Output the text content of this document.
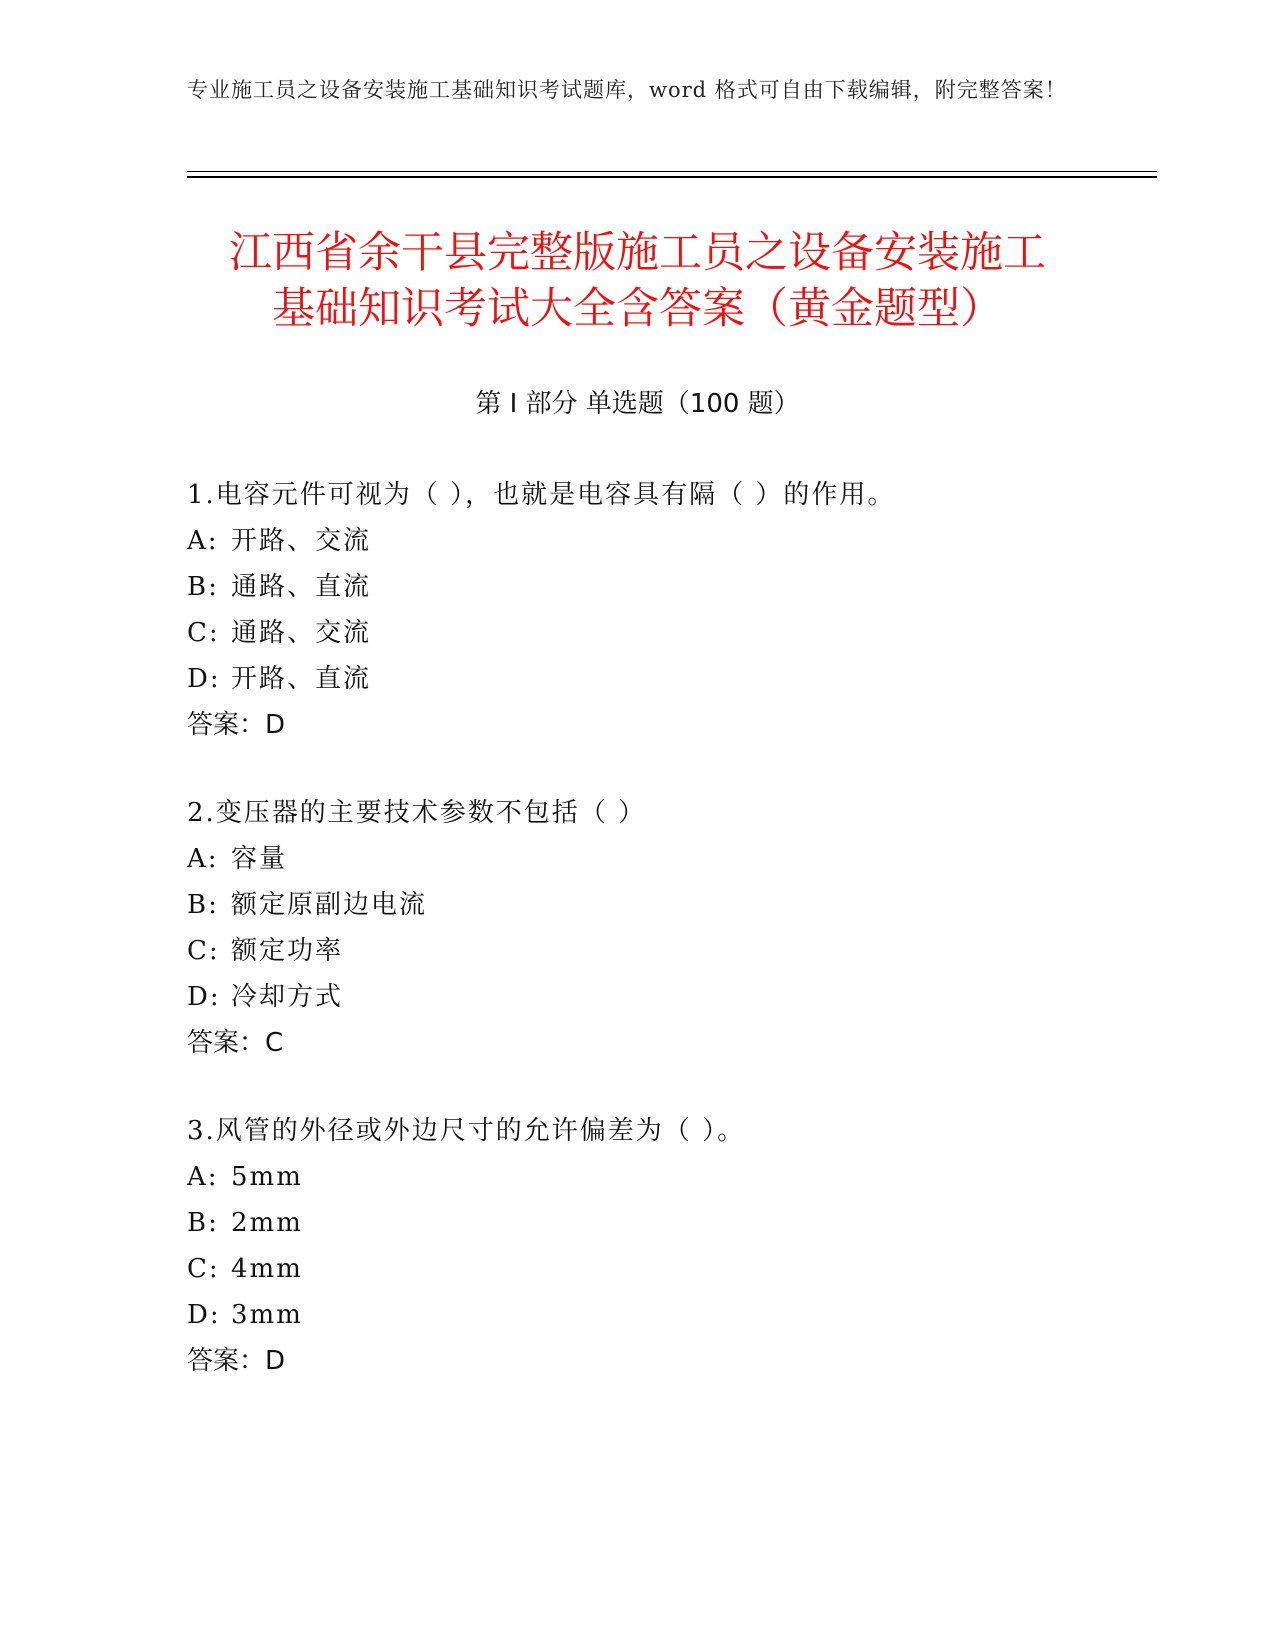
专业施工员之设备安装施工基础知识考试题库，word 格式可自由下载编辑，附完整答案！
江西省余干县完整版施工员之设备安装施工
基础知识考试大全含答案（黄金题型）
第 I 部分 单选题（100 题）
1.电容元件可视为（ ），也就是电容具有隔（ ）的作用。
A: 开路、交流
B: 通路、直流
C: 通路、交流
D: 开路、直流
答案：D
2.变压器的主要技术参数不包括（ ）
A: 容量
B: 额定原副边电流
C: 额定功率
D: 冷却方式
答案：C
3.风管的外径或外边尺寸的允许偏差为（ ）。
A: 5mm
B: 2mm
C: 4mm
D: 3mm
答案：D
